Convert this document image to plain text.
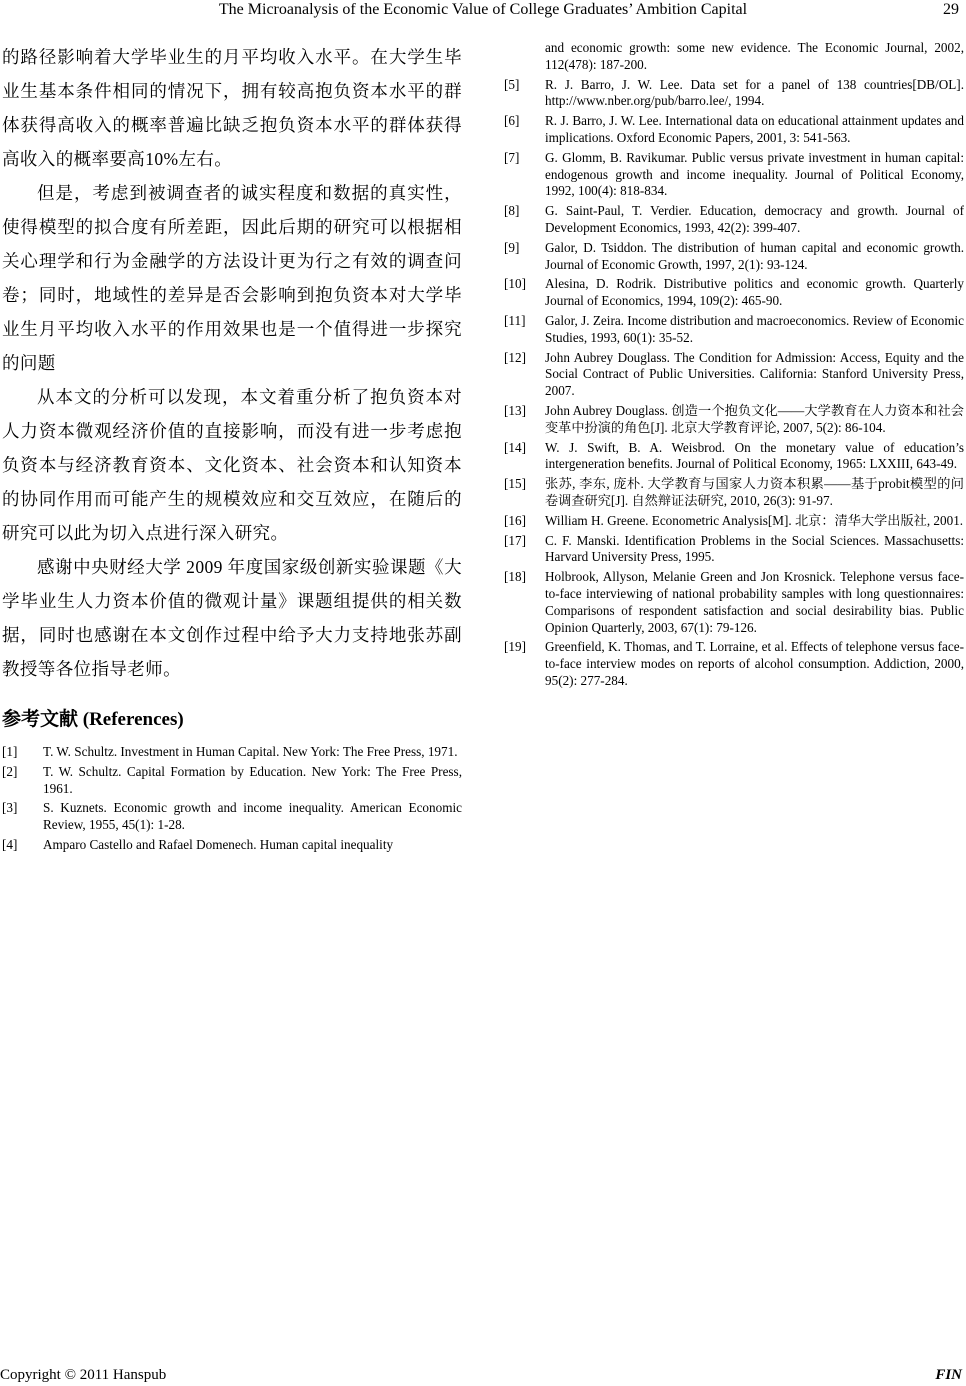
The Microanalysis of the Economic Value of College Graduates’ Ambition Capital	29

的路径影响着大学毕业生的月平均收入水平。在大学生毕业生基本条件相同的情况下，拥有较高抱负资本水平的群体获得高收入的概率普遍比缺乏抱负资本水平的群体获得高收入的概率要高10%左右。

但是，考虑到被调查者的诚实程度和数据的真实性，使得模型的拟合度有所差距，因此后期的研究可以根据相关心理学和行为金融学的方法设计更为行之有效的调查问卷；同时，地域性的差异是否会影响到抱负资本对大学毕业生月平均收入水平的作用效果也是一个值得进一步探究的问题

从本文的分析可以发现，本文着重分析了抱负资本对人力资本微观经济价值的直接影响，而没有进一步考虑抱负资本与经济教育资本、文化资本、社会资本和认知资本的协同作用而可能产生的规模效应和交互效应，在随后的研究可以此为切入点进行深入研究。

感谢中央财经大学 2009 年度国家级创新实验课题《大学毕业生人力资本价值的微观计量》课题组提供的相关数据，同时也感谢在本文创作过程中给予大力支持地张苏副教授等各位指导老师。

参考文献 (References)
[1] T. W. Schultz. Investment in Human Capital. New York: The Free Press, 1971.
[2] T. W. Schultz. Capital Formation by Education. New York: The Free Press, 1961.
[3] S. Kuznets. Economic growth and income inequality. American Economic Review, 1955, 45(1): 1-28.
[4] Amparo Castello and Rafael Domenech. Human capital inequality
and economic growth: some new evidence. The Economic Journal, 2002, 112(478): 187-200.
[5] R. J. Barro, J. W. Lee. Data set for a panel of 138 countries[DB/OL]. http://www.nber.org/pub/barro.lee/, 1994.
[6] R. J. Barro, J. W. Lee. International data on educational attainment updates and implications. Oxford Economic Papers, 2001, 3: 541-563.
[7] G. Glomm, B. Ravikumar. Public versus private investment in human capital: endogenous growth and income inequality. Journal of Political Economy, 1992, 100(4): 818-834.
[8] G. Saint-Paul, T. Verdier. Education, democracy and growth. Journal of Development Economics, 1993, 42(2): 399-407.
[9] Galor, D. Tsiddon. The distribution of human capital and economic growth. Journal of Economic Growth, 1997, 2(1): 93-124.
[10] Alesina, D. Rodrik. Distributive politics and economic growth. Quarterly Journal of Economics, 1994, 109(2): 465-90.
[11] Galor, J. Zeira. Income distribution and macroeconomics. Review of Economic Studies, 1993, 60(1): 35-52.
[12] John Aubrey Douglass. The Condition for Admission: Access, Equity and the Social Contract of Public Universities. California: Stanford University Press, 2007.
[13] John Aubrey Douglass. 创造一个抱负文化——大学教育在人力资本和社会变革中扮演的角色[J]. 北京大学教育评论, 2007, 5(2): 86-104.
[14] W. J. Swift, B. A. Weisbrod. On the monetary value of education’s intergeneration benefits. Journal of Political Economy, 1965: LXXIII, 643-49.
[15] 张苏, 李东, 庞朴. 大学教育与国家人力资本积累——基于probit模型的问卷调查研究[J]. 自然辩证法研究, 2010, 26(3): 91-97.
[16] William H. Greene. Econometric Analysis[M]. 北京：清华大学出版社, 2001.
[17] C. F. Manski. Identification Problems in the Social Sciences. Massachusetts: Harvard University Press, 1995.
[18] Holbrook, Allyson, Melanie Green and Jon Krosnick. Telephone versus face-to-face interviewing of national probability samples with long questionnaires: Comparisons of respondent satisfaction and social desirability bias. Public Opinion Quarterly, 2003, 67(1): 79-126.
[19] Greenfield, K. Thomas, and T. Lorraine, et al. Effects of telephone versus face-to-face interview modes on reports of alcohol consumption. Addiction, 2000, 95(2): 277-284.
Copyright © 2011 Hanspub	FIN
